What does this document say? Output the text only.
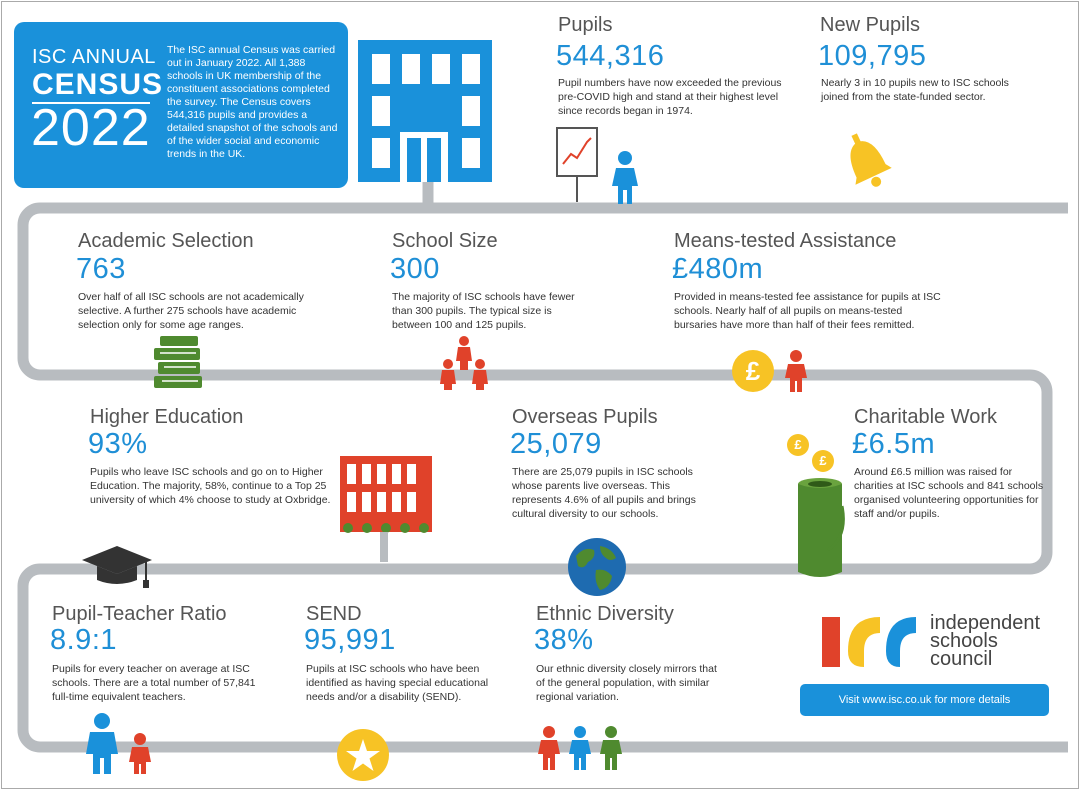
ISC ANNUAL
CENSUS
2022
The ISC annual Census was carried out in January 2022. All 1,388 schools in UK membership of the constituent associations completed the survey. The Census covers 544,316 pupils and provides a detailed snapshot of the schools and of the wider social and economic trends in the UK.
Pupils
544,316
Pupil numbers have now exceeded the previous pre-COVID high and stand at their highest level since records began in 1974.
New Pupils
109,795
Nearly 3 in 10 pupils new to ISC schools joined from the state-funded sector.
Academic Selection
763
Over half of all ISC schools are not academically selective. A further 275 schools have academic selection only for some age ranges.
School Size
300
The majority of ISC schools have fewer than 300 pupils. The typical size is between 100 and 125 pupils.
Means-tested Assistance
£480m
Provided in means-tested fee assistance for pupils at ISC schools. Nearly half of all pupils on means-tested bursaries have more than half of their fees remitted.
£
Higher Education
93%
Pupils who leave ISC schools and go on to Higher Education. The majority, 58%, continue to a Top 25 university of which 4% choose to study at Oxbridge.
Overseas Pupils
25,079
There are 25,079 pupils in ISC schools whose parents live overseas. This represents 4.6% of all pupils and brings cultural diversity to our schools.
Charitable Work
£6.5m
Around £6.5 million was raised for charities at ISC schools and 841 schools organised volunteering opportunities for staff and/or pupils.
£
£
Pupil-Teacher Ratio
8.9:1
Pupils for every teacher on average at ISC schools. There are a total number of 57,841 full-time equivalent teachers.
SEND
95,991
Pupils at ISC schools who have been identified as having special educational needs and/or a disability (SEND).
Ethnic Diversity
38%
Our ethnic diversity closely mirrors that of the general population, with similar regional variation.
independent
schools
council
Visit www.isc.co.uk for more details
